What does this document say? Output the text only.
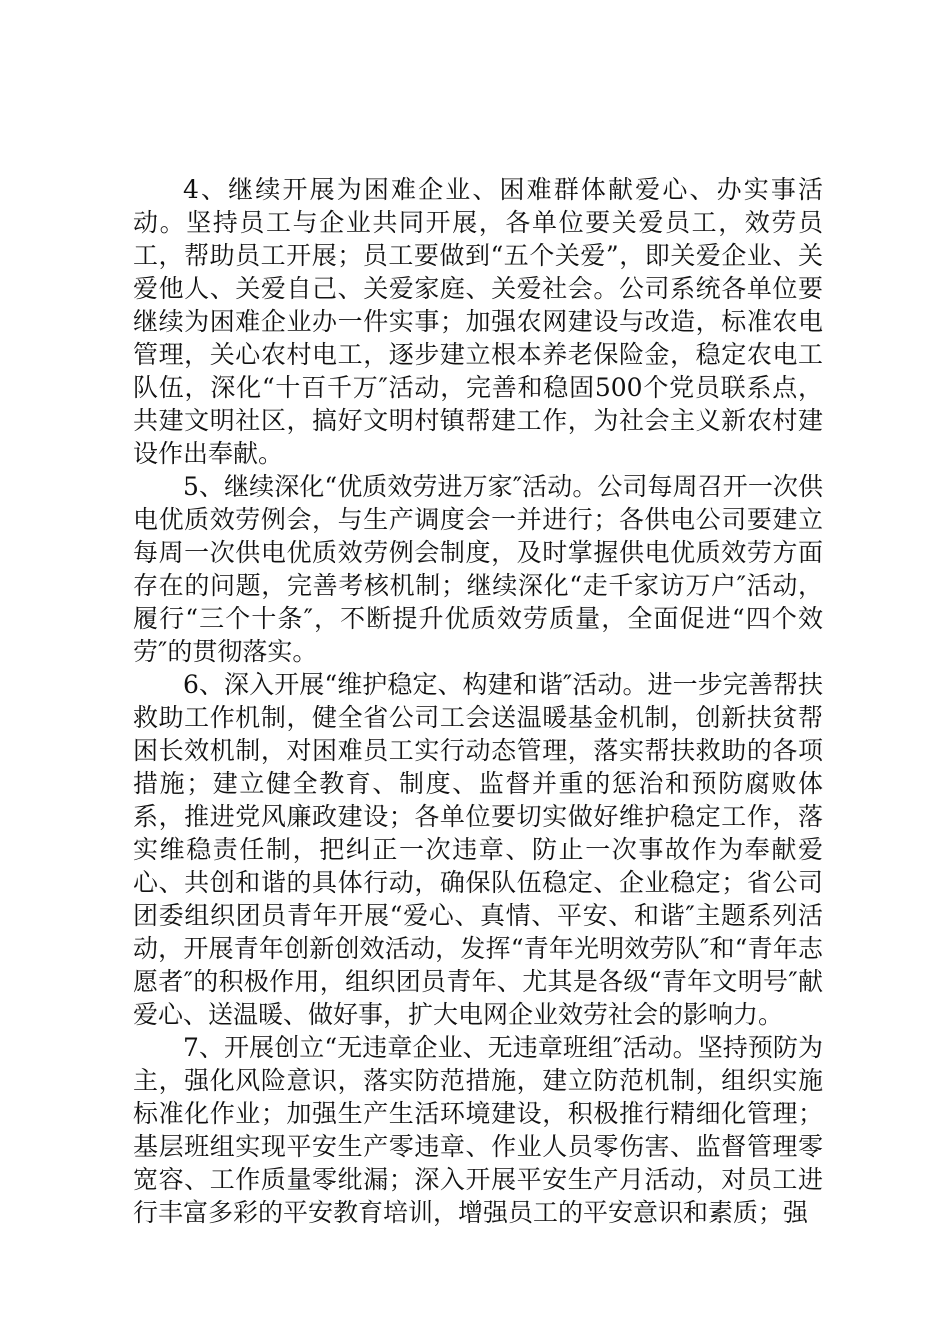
4、继续开展为困难企业、困难群体献爱心、办实事活动。坚持员工与企业共同开展，各单位要关爱员工，效劳员工，帮助员工开展；员工要做到“五个关爱”，即关爱企业、关爱他人、关爱自己、关爱家庭、关爱社会。公司系统各单位要继续为困难企业办一件实事；加强农网建设与改造，标准农电管理，关心农村电工，逐步建立根本养老保险金，稳定农电工队伍，深化“十百千万″活动，完善和稳固500个党员联系点，共建文明社区，搞好文明村镇帮建工作，为社会主义新农村建设作出奉献。

5、继续深化“优质效劳进万家″活动。公司每周召开一次供电优质效劳例会，与生产调度会一并进行；各供电公司要建立每周一次供电优质效劳例会制度，及时掌握供电优质效劳方面存在的问题，完善考核机制；继续深化“走千家访万户″活动，履行“三个十条″，不断提升优质效劳质量，全面促进“四个效劳″的贯彻落实。

6、深入开展“维护稳定、构建和谐″活动。进一步完善帮扶救助工作机制，健全省公司工会送温暖基金机制，创新扶贫帮困长效机制，对困难员工实行动态管理，落实帮扶救助的各项措施；建立健全教育、制度、监督并重的惩治和预防腐败体系，推进党风廉政建设；各单位要切实做好维护稳定工作，落实维稳责任制，把纠正一次违章、防止一次事故作为奉献爱心、共创和谐的具体行动，确保队伍稳定、企业稳定；省公司团委组织团员青年开展“爱心、真情、平安、和谐″主题系列活动，开展青年创新创效活动，发挥“青年光明效劳队″和“青年志愿者″的积极作用，组织团员青年、尤其是各级“青年文明号″献爱心、送温暖、做好事，扩大电网企业效劳社会的影响力。

7、开展创立“无违章企业、无违章班组″活动。坚持预防为主，强化风险意识，落实防范措施，建立防范机制，组织实施标准化作业；加强生产生活环境建设，积极推行精细化管理；基层班组实现平安生产零违章、作业人员零伤害、监督管理零宽容、工作质量零纰漏；深入开展平安生产月活动，对员工进行丰富多彩的平安教育培训，增强员工的平安意识和素质；强
